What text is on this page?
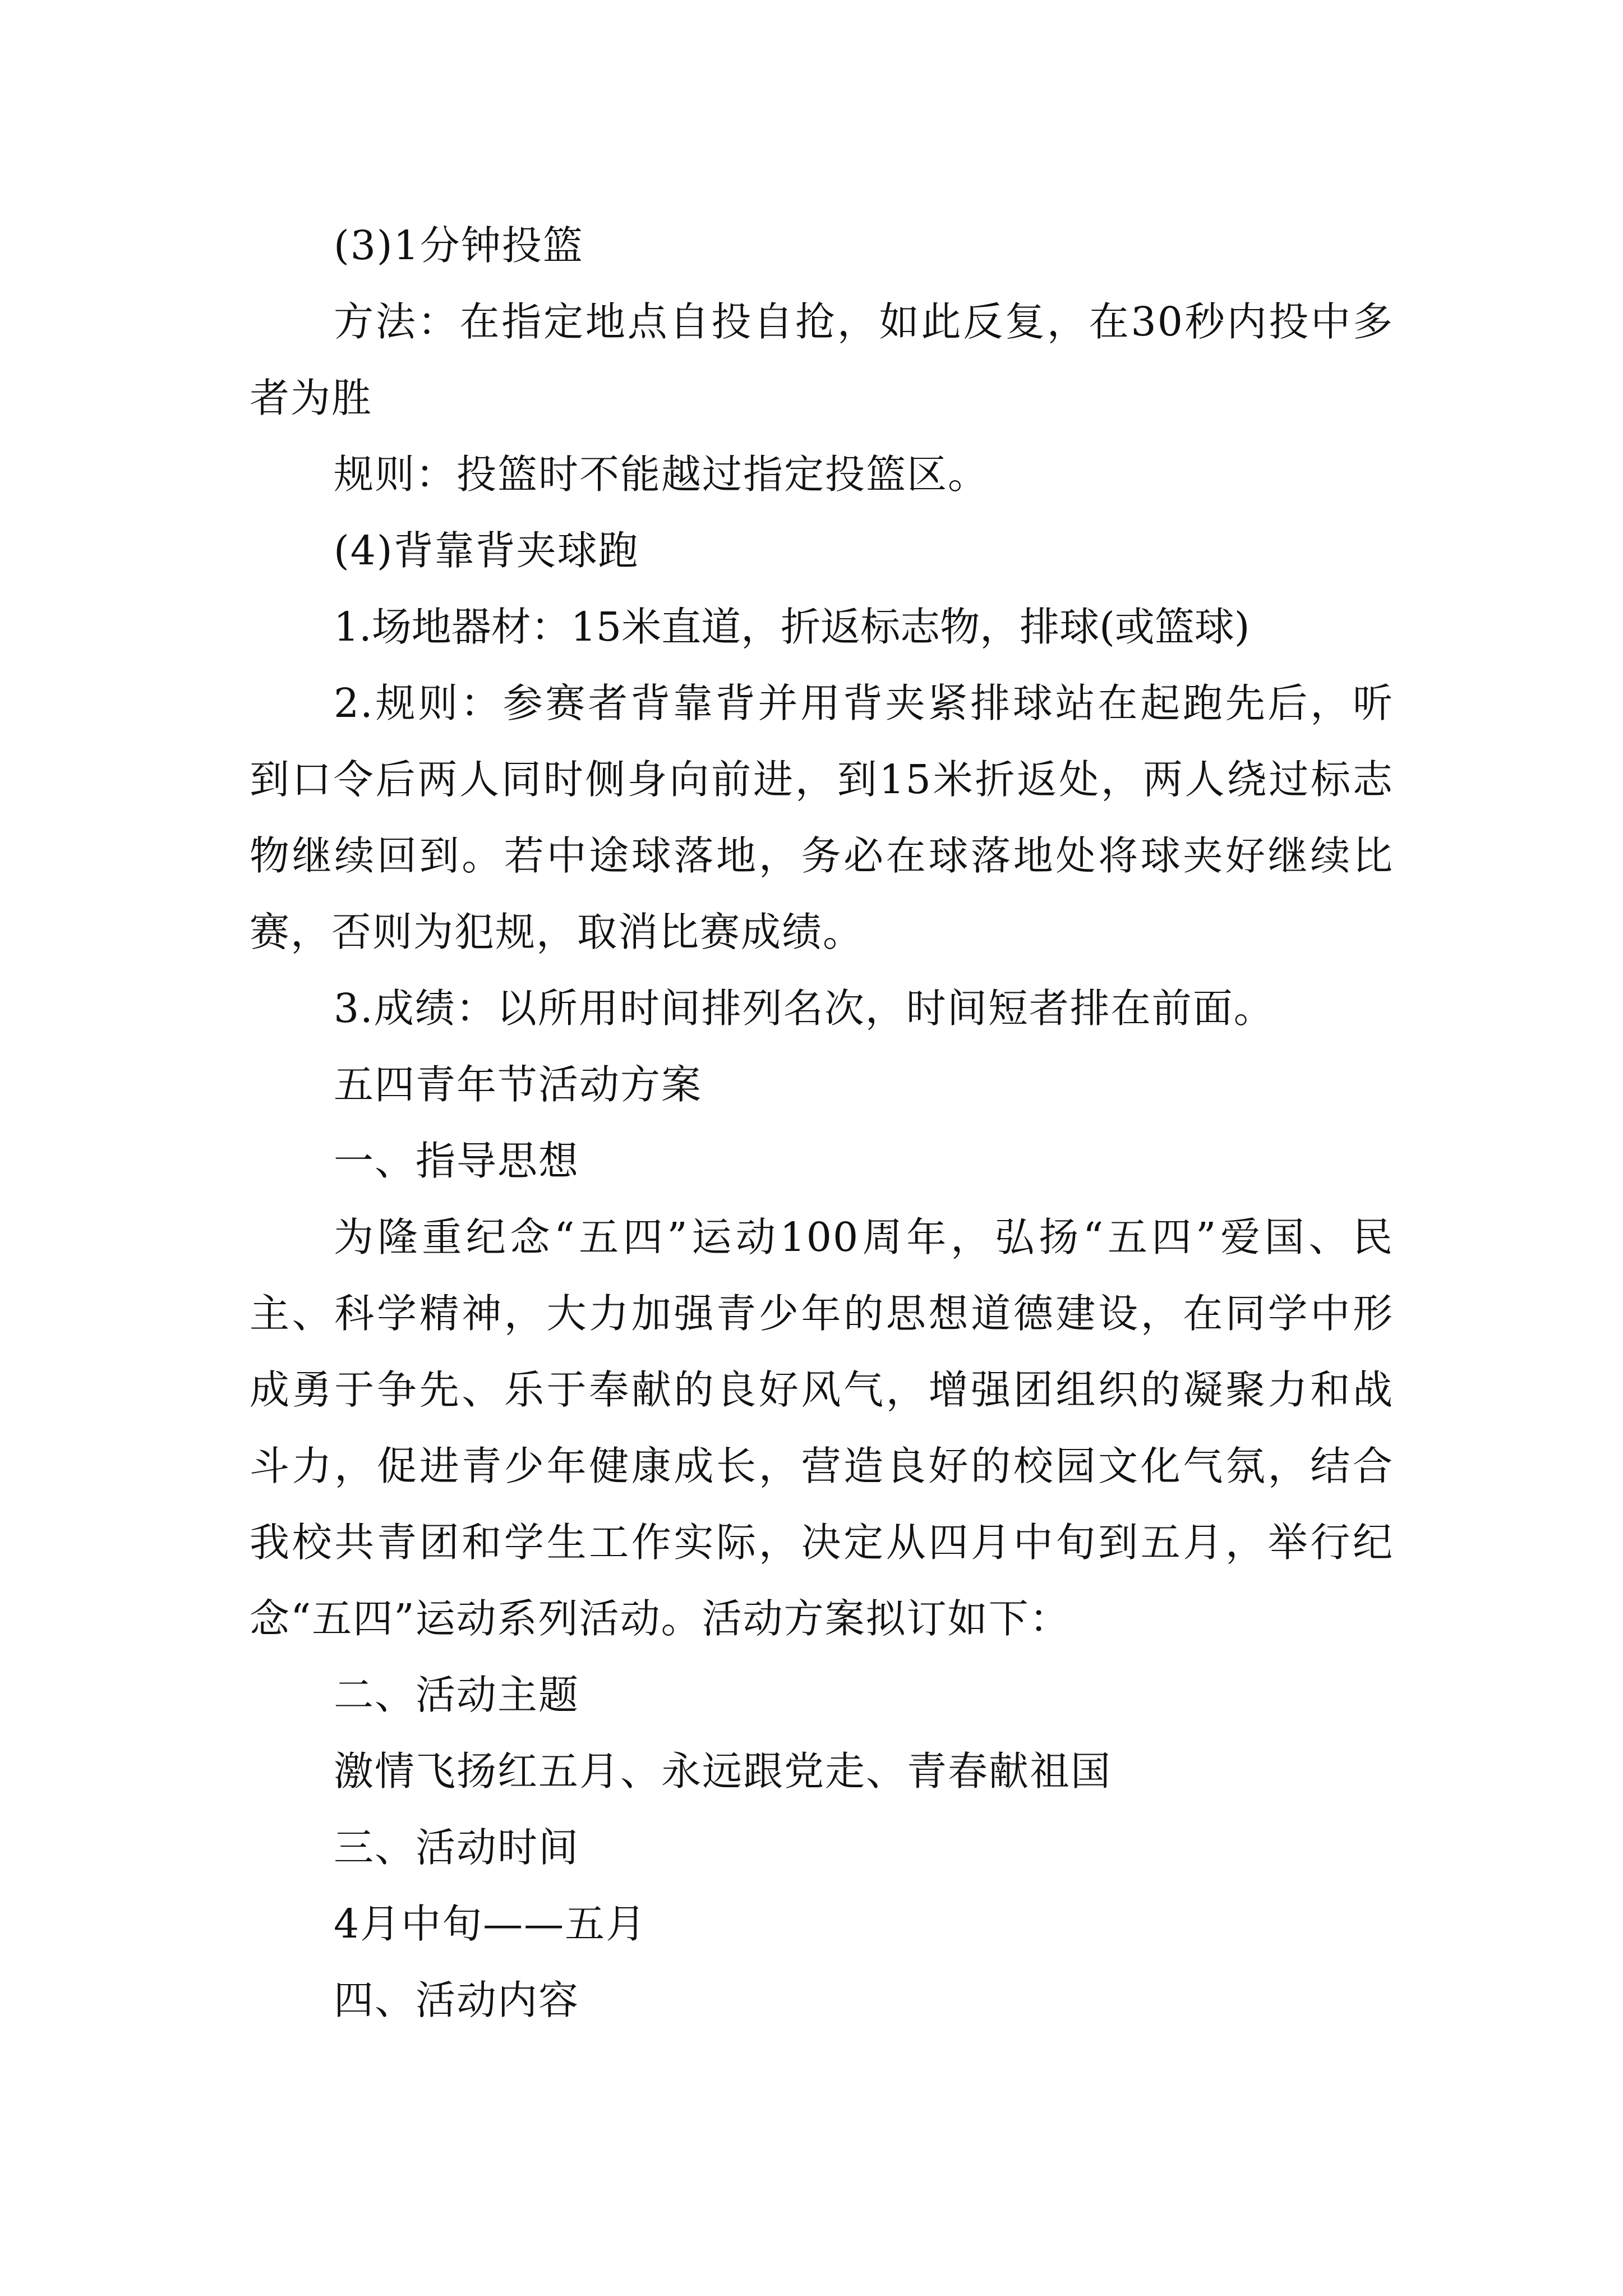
(3)1分钟投篮

方法：在指定地点自投自抢，如此反复，在30秒内投中多者为胜

规则：投篮时不能越过指定投篮区。

(4)背靠背夹球跑

1.场地器材：15米直道，折返标志物，排球(或篮球)

2.规则：参赛者背靠背并用背夹紧排球站在起跑先后，听到口令后两人同时侧身向前进，到15米折返处，两人绕过标志物继续回到。若中途球落地，务必在球落地处将球夹好继续比赛，否则为犯规，取消比赛成绩。

3.成绩：以所用时间排列名次，时间短者排在前面。

五四青年节活动方案

一、指导思想

为隆重纪念“五四”运动100周年，弘扬“五四”爱国、民主、科学精神，大力加强青少年的思想道德建设，在同学中形成勇于争先、乐于奉献的良好风气，增强团组织的凝聚力和战斗力，促进青少年健康成长，营造良好的校园文化气氛，结合我校共青团和学生工作实际，决定从四月中旬到五月，举行纪念“五四”运动系列活动。活动方案拟订如下：

二、活动主题

激情飞扬红五月、永远跟党走、青春献祖国

三、活动时间

4月中旬——五月

四、活动内容
